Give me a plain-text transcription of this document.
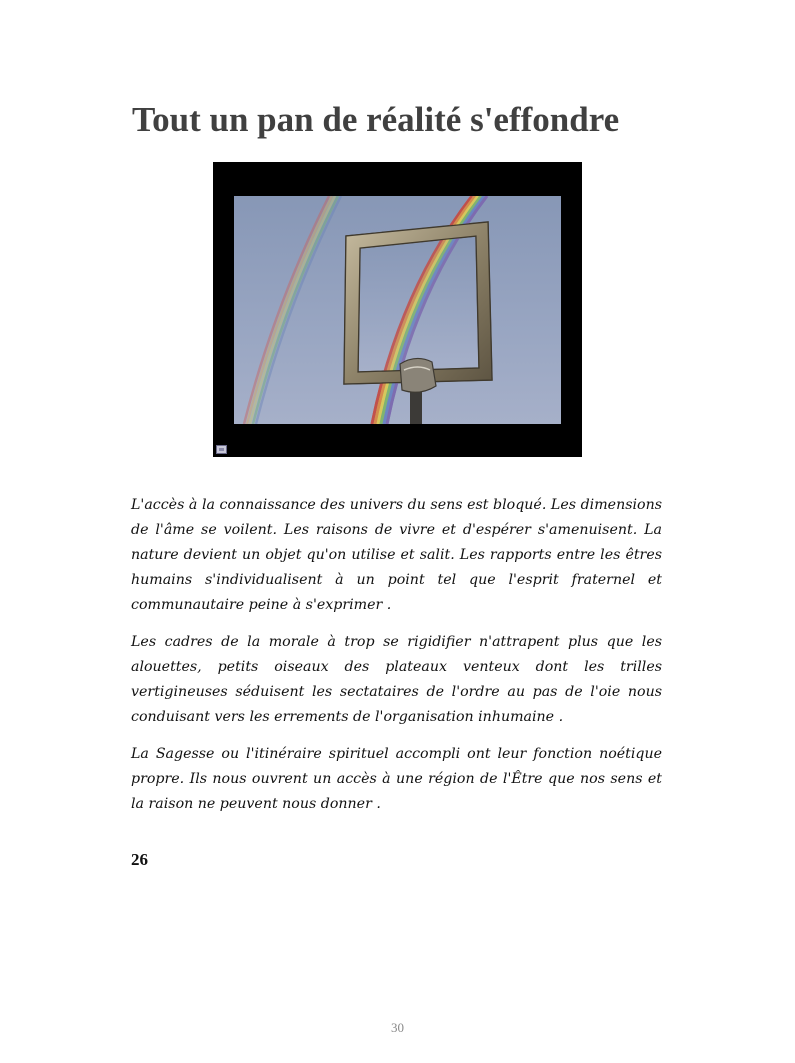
Tout un pan de réalité s'effondre

L'accès à la connaissance des univers du sens est bloqué. Les dimensions de l'âme se voilent. Les raisons de vivre et d'espérer s'amenuisent. La nature devient un objet qu'on utilise et salit. Les rapports entre les êtres humains s'individualisent à un point tel que l'esprit fraternel et communautaire peine à s'exprimer .

Les cadres de la morale à trop se rigidifier n'attrapent plus que les alouettes, petits oiseaux des plateaux venteux dont les trilles vertigineuses séduisent les sectataires de l'ordre au pas de l'oie nous conduisant vers les errements de l'organisation inhumaine .

La Sagesse ou l'itinéraire spirituel accompli ont leur fonction noétique propre. Ils nous ouvrent un accès à une région de l'Être que nos sens et la raison ne peuvent nous donner .

26
30
